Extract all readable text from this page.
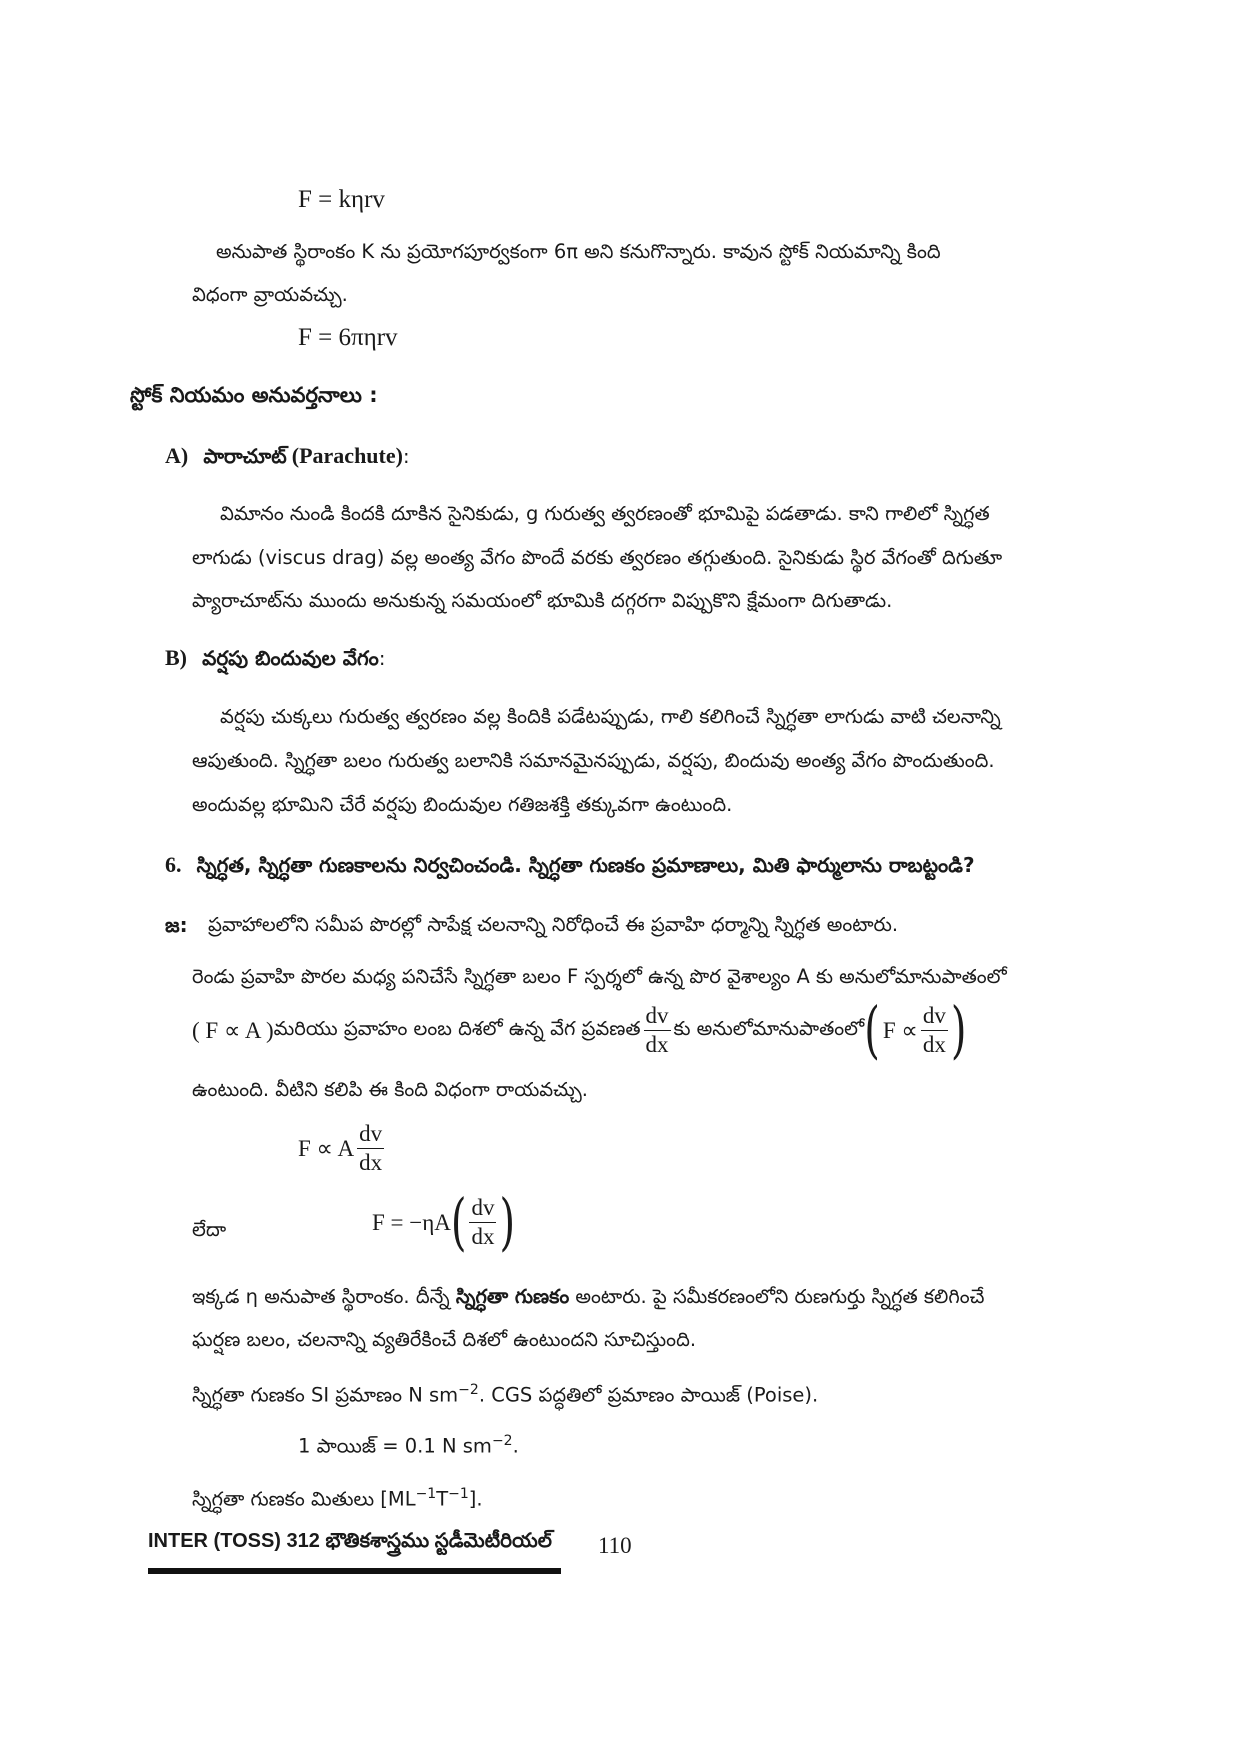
F = kηrv
అనుపాత స్థిరాంకం K ను ప్రయోగపూర్వకంగా 6π అని కనుగొన్నారు. కావున స్టోక్ నియమాన్ని కింది
విధంగా వ్రాయవచ్చు.
F = 6πηrv
స్టోక్ నియమం అనువర్తనాలు :
A) పారాచూట్ (Parachute):
విమానం నుండి కిందకి దూకిన సైనికుడు, g గురుత్వ త్వరణంతో భూమిపై పడతాడు. కాని గాలిలో స్నిగ్ధత
లాగుడు (viscus drag) వల్ల అంత్య వేగం పొందే వరకు త్వరణం తగ్గుతుంది. సైనికుడు స్థిర వేగంతో దిగుతూ
ప్యారాచూట్‌ను ముందు అనుకున్న సమయంలో భూమికి దగ్గరగా విప్పుకొని క్షేమంగా దిగుతాడు.
B) వర్షపు బిందువుల వేగం:
వర్షపు చుక్కలు గురుత్వ త్వరణం వల్ల కిందికి పడేటప్పుడు, గాలి కలిగించే స్నిగ్ధతా లాగుడు వాటి చలనాన్ని
ఆపుతుంది. స్నిగ్ధతా బలం గురుత్వ బలానికి సమానమైనప్పుడు, వర్షపు, బిందువు అంత్య వేగం పొందుతుంది.
అందువల్ల భూమిని చేరే వర్షపు బిందువుల గతిజశక్తి తక్కువగా ఉంటుంది.
6. స్నిగ్ధత, స్నిగ్ధతా గుణకాలను నిర్వచించండి. స్నిగ్ధతా గుణకం ప్రమాణాలు, మితి ఫార్ములాను రాబట్టండి?
జ: ప్రవాహాలలోని సమీప పొరల్లో సాపేక్ష చలనాన్ని నిరోధించే ఈ ప్రవాహి ధర్మాన్ని స్నిగ్ధత అంటారు.
రెండు ప్రవాహి పొరల మధ్య పనిచేసే స్నిగ్ధతా బలం F స్పర్శలో ఉన్న పొర వైశాల్యం A కు అనులోమానుపాతంలో
( F ∝ A ) మరియు ప్రవాహం లంబ దిశలో ఉన్న వేగ ప్రవణత $\frac{dv}{dx}$ కు అనులోమానుపాతంలో ( $F \propto \frac{dv}{dx}$ )
ఉంటుంది. వీటిని కలిపి ఈ కింది విధంగా రాయవచ్చు.
F ∝ A $\frac{dv}{dx}$
లేదా	F = −ηA ( $\frac{dv}{dx}$ )
ఇక్కడ η అనుపాత స్థిరాంకం. దీన్నే స్నిగ్ధతా గుణకం అంటారు. పై సమీకరణంలోని రుణగుర్తు స్నిగ్ధత కలిగించే
ఘర్షణ బలం, చలనాన్ని వ్యతిరేకించే దిశలో ఉంటుందని సూచిస్తుంది.
స్నిగ్ధతా గుణకం SI ప్రమాణం N $sm^{-2}$. CGS పద్ధతిలో ప్రమాణం పాయిజ్ (Poise).
1 పాయిజ్ = 0.1 N $sm^{-2}$.
స్నిగ్ధతా గుణకం మితులు $[ML^{-1}T^{-1}]$.
INTER (TOSS) 312 భౌతికశాస్త్రము స్టడీమెటీరియల్ 110
